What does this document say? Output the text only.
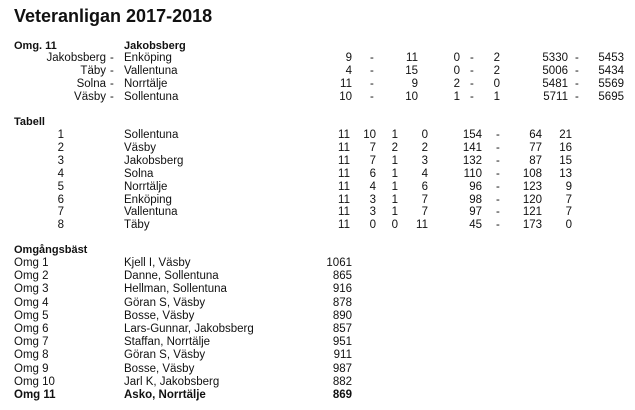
Veteranligan 2017-2018
Omg. 11	Jakobsberg
Jakobsberg - Enköping	9 -	11	0 -	2	5330 -	5453
Täby - Vallentuna	4 -	15	0 -	2	5006 -	5434
Solna - Norrtälje	11 -	9	2 -	0	5481 -	5569
Väsby - Sollentuna	10 -	10	1 -	1	5711 -	5695
Tabell
1	Sollentuna	11	10	1	0	154 -	64	21
2	Väsby	11	7	2	2	141 -	77	16
3	Jakobsberg	11	7	1	3	132 -	87	15
4	Solna	11	6	1	4	110 -	108	13
5	Norrtälje	11	4	1	6	96 -	123	9
6	Enköping	11	3	1	7	98 -	120	7
7	Vallentuna	11	3	1	7	97 -	121	7
8	Täby	11	0	0	11	45 -	173	0
Omgångsbäst
Omg 1	Kjell I, Väsby	1061
Omg 2	Danne, Sollentuna	865
Omg 3	Hellman, Sollentuna	916
Omg 4	Göran S, Väsby	878
Omg 5	Bosse, Väsby	890
Omg 6	Lars-Gunnar, Jakobsberg	857
Omg 7	Staffan, Norrtälje	951
Omg 8	Göran S, Väsby	911
Omg 9	Bosse, Väsby	987
Omg 10	Jarl K, Jakobsberg	882
Omg 11	Asko, Norrtälje	869
